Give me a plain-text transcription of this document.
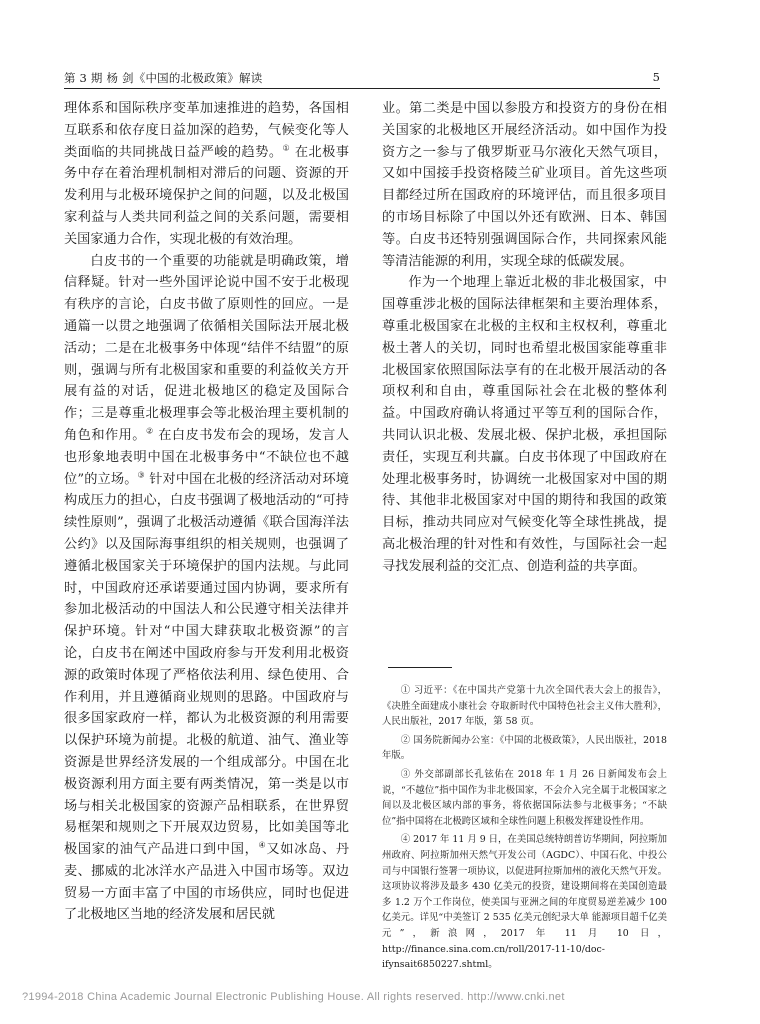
第 3 期 杨 剑《中国的北极政策》解读	5

理体系和国际秩序变革加速推进的趋势，各国相互联系和依存度日益加深的趋势，气候变化等人类面临的共同挑战日益严峻的趋势。① 在北极事务中存在着治理机制相对滞后的问题、资源的开发利用与北极环境保护之间的问题，以及北极国家利益与人类共同利益之间的关系问题，需要相关国家通力合作，实现北极的有效治理。

白皮书的一个重要的功能就是明确政策，增信释疑。针对一些外国评论说中国不安于北极现有秩序的言论，白皮书做了原则性的回应。一是通篇一以贯之地强调了依循相关国际法开展北极活动；二是在北极事务中体现“结伴不结盟”的原则，强调与所有北极国家和重要的利益攸关方开展有益的对话，促进北极地区的稳定及国际合作；三是尊重北极理事会等北极治理主要机制的角色和作用。② 在白皮书发布会的现场，发言人也形象地表明中国在北极事务中“不缺位也不越位”的立场。③ 针对中国在北极的经济活动对环境构成压力的担心，白皮书强调了极地活动的“可持续性原则”，强调了北极活动遵循《联合国海洋法公约》以及国际海事组织的相关规则，也强调了遵循北极国家关于环境保护的国内法规。与此同时，中国政府还承诺要通过国内协调，要求所有参加北极活动的中国法人和公民遵守相关法律并保护环境。针对“中国大肆获取北极资源”的言论，白皮书在阐述中国政府参与开发利用北极资源的政策时体现了严格依法利用、绿色使用、合作利用，并且遵循商业规则的思路。中国政府与很多国家政府一样，都认为北极资源的利用需要以保护环境为前提。北极的航道、油气、渔业等资源是世界经济发展的一个组成部分。中国在北极资源利用方面主要有两类情况，第一类是以市场与相关北极国家的资源产品相联系，在世界贸易框架和规则之下开展双边贸易，比如美国等北极国家的油气产品进口到中国，④又如冰岛、丹麦、挪威的北冰洋水产品进入中国市场等。双边贸易一方面丰富了中国的市场供应，同时也促进了北极地区当地的经济发展和居民就

业。第二类是中国以参股方和投资方的身份在相关国家的北极地区开展经济活动。如中国作为投资方之一参与了俄罗斯亚马尔液化天然气项目，又如中国接手投资格陵兰矿业项目。首先这些项目都经过所在国政府的环境评估，而且很多项目的市场目标除了中国以外还有欧洲、日本、韩国等。白皮书还特别强调国际合作，共同探索风能等清洁能源的利用，实现全球的低碳发展。

作为一个地理上靠近北极的非北极国家，中国尊重涉北极的国际法律框架和主要治理体系，尊重北极国家在北极的主权和主权权利，尊重北极土著人的关切，同时也希望北极国家能尊重非北极国家依照国际法享有的在北极开展活动的各项权利和自由，尊重国际社会在北极的整体利益。中国政府确认将通过平等互利的国际合作，共同认识北极、发展北极、保护北极，承担国际责任，实现互利共赢。白皮书体现了中国政府在处理北极事务时，协调统一北极国家对中国的期待、其他非北极国家对中国的期待和我国的政策目标，推动共同应对气候变化等全球性挑战，提高北极治理的针对性和有效性，与国际社会一起寻找发展利益的交汇点、创造利益的共享面。

① 习近平：《在中国共产党第十九次全国代表大会上的报告》，《决胜全面建成小康社会 夺取新时代中国特色社会主义伟大胜利》，人民出版社，2017 年版，第 58 页。

② 国务院新闻办公室：《中国的北极政策》，人民出版社，2018 年版。

③ 外交部副部长孔铉佑在 2018 年 1 月 26 日新闻发布会上说，“不越位”指中国作为非北极国家，不会介入完全属于北极国家之间以及北极区域内部的事务，将依据国际法参与北极事务；“不缺位”指中国将在北极跨区域和全球性问题上积极发挥建设性作用。

④ 2017 年 11 月 9 日，在美国总统特朗普访华期间，阿拉斯加州政府、阿拉斯加州天然气开发公司（AGDC）、中国石化、中投公司与中国银行签署一项协议，以促进阿拉斯加州的液化天然气开发。这项协议将涉及最多 430 亿美元的投资，建设期间将在美国创造最多 1.2 万个工作岗位，使美国与亚洲之间的年度贸易逆差减少 100 亿美元。详见“中美签订 2 535 亿美元创纪录大单 能源项目超千亿美元”，新浪网，2017 年 11 月 10 日，http://finance.sina.com.cn/roll/2017-11-10/doc-ifynsait6850227.shtml。

?1994-2018 China Academic Journal Electronic Publishing House. All rights reserved. http://www.cnki.net
